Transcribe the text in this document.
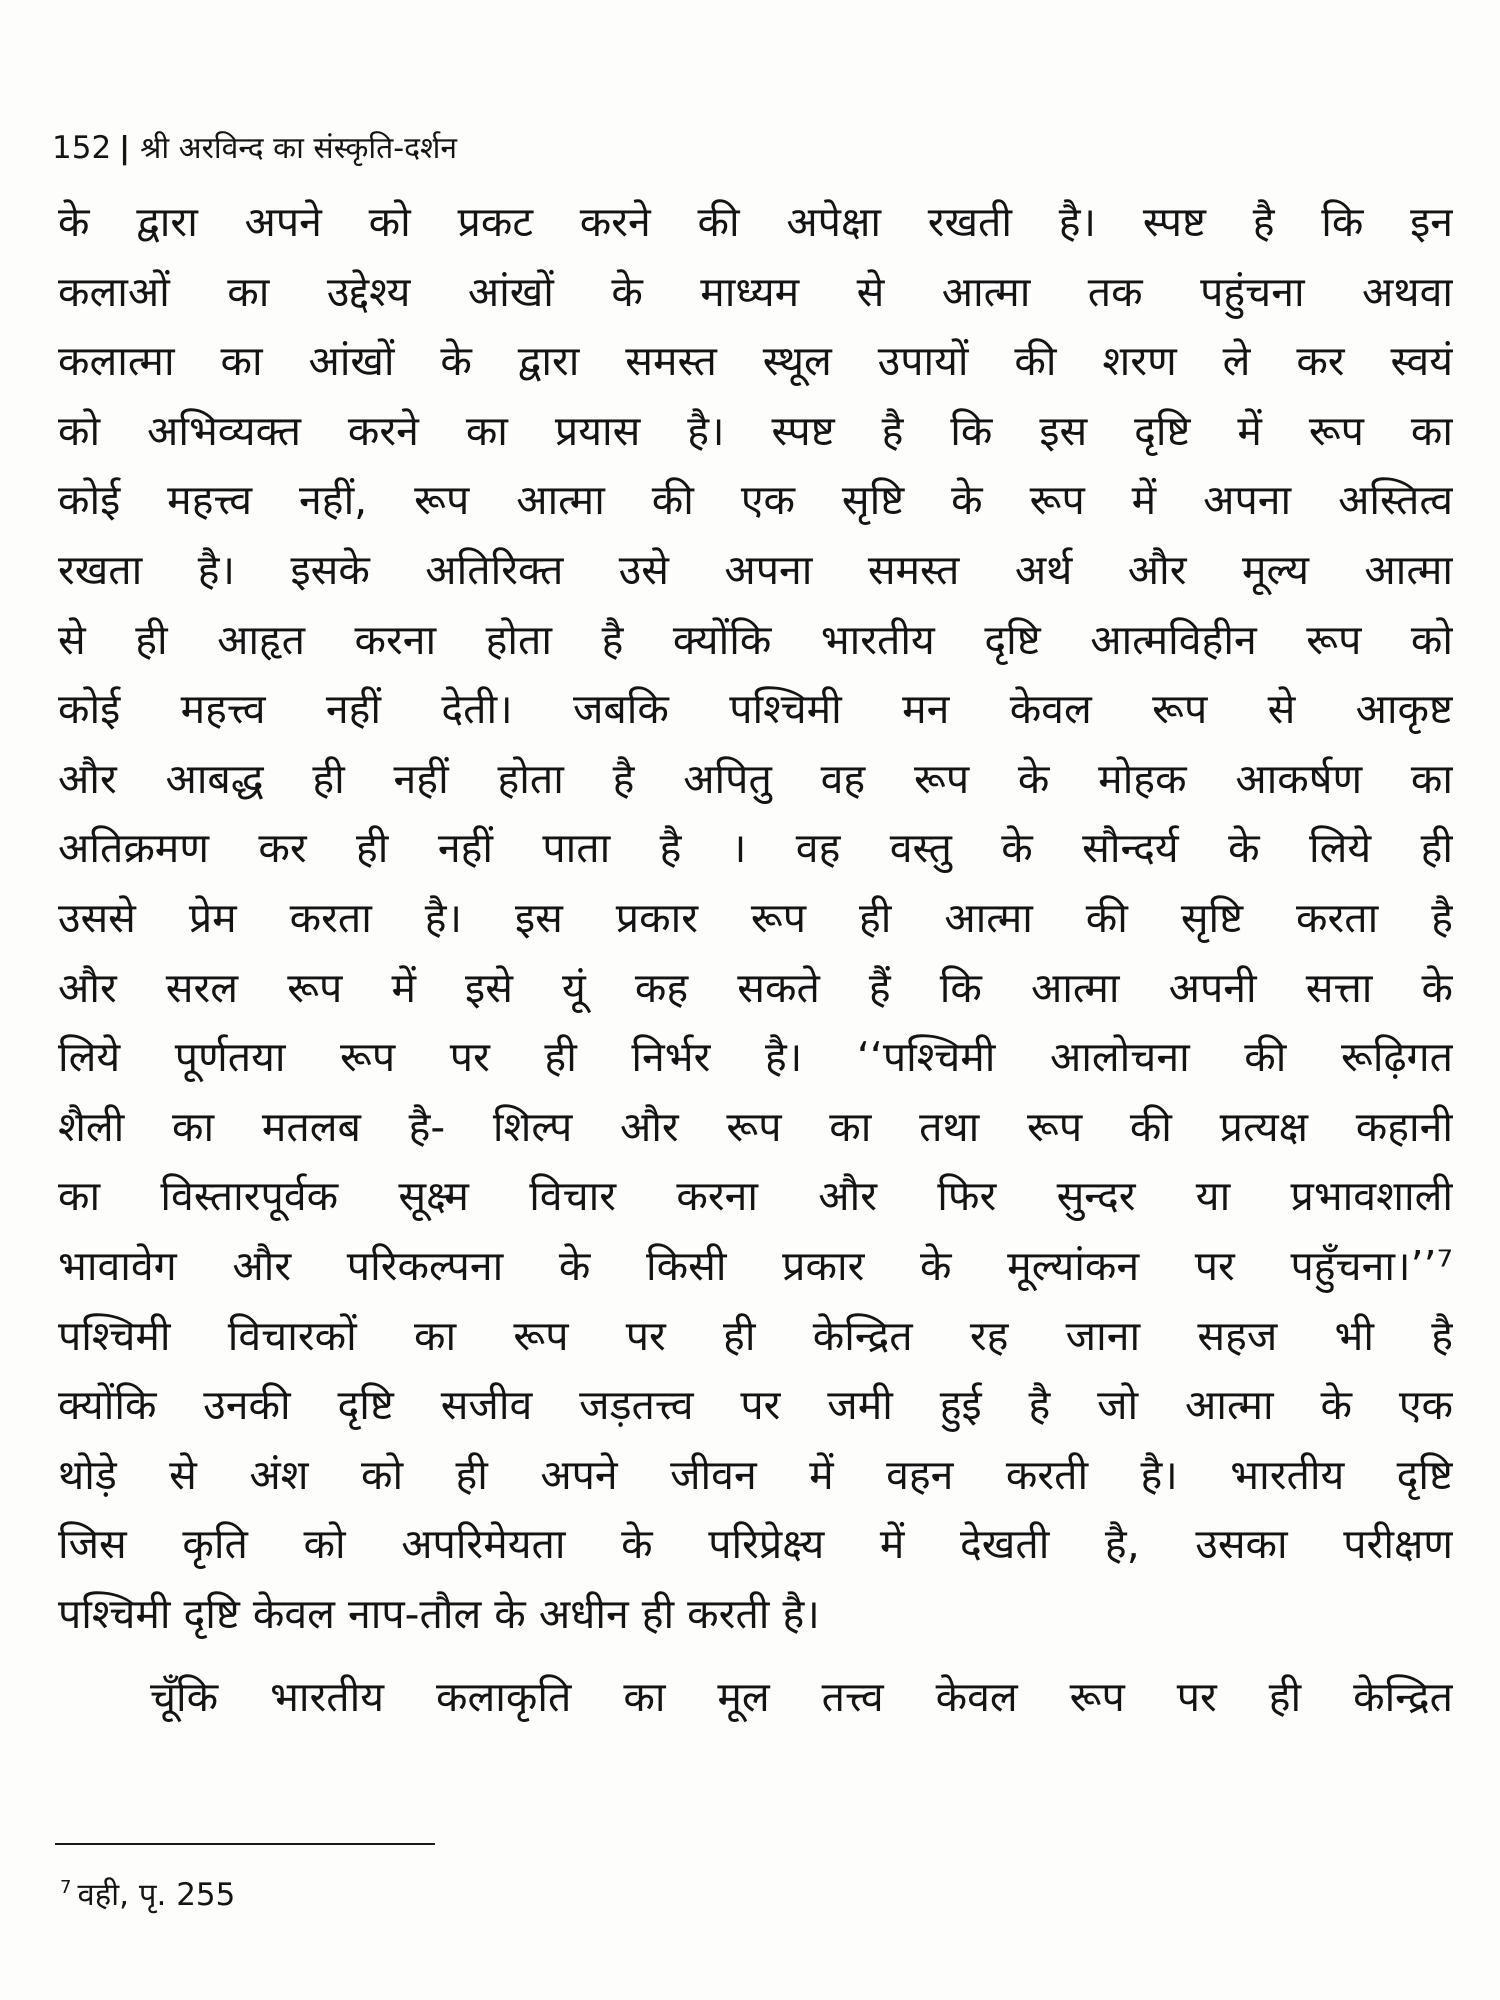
152 | श्री अरविन्द का संस्कृति-दर्शन
के द्वारा अपने को प्रकट करने की अपेक्षा रखती है। स्पष्ट है कि इन
कलाओं का उद्देश्य आंखों के माध्यम से आत्मा तक पहुंचना अथवा
कलात्मा का आंखों के द्वारा समस्त स्थूल उपायों की शरण ले कर स्वयं
को अभिव्यक्त करने का प्रयास है। स्पष्ट है कि इस दृष्टि में रूप का
कोई महत्त्व नहीं, रूप आत्मा की एक सृष्टि के रूप में अपना अस्तित्व
रखता है। इसके अतिरिक्त उसे अपना समस्त अर्थ और मूल्य आत्मा
से ही आहृत करना होता है क्योंकि भारतीय दृष्टि आत्मविहीन रूप को
कोई महत्त्व नहीं देती। जबकि पश्चिमी मन केवल रूप से आकृष्ट
और आबद्ध ही नहीं होता है अपितु वह रूप के मोहक आकर्षण का
अतिक्रमण कर ही नहीं पाता है । वह वस्तु के सौन्दर्य के लिये ही
उससे प्रेम करता है। इस प्रकार रूप ही आत्मा की सृष्टि करता है
और सरल रूप में इसे यूं कह सकते हैं कि आत्मा अपनी सत्ता के
लिये पूर्णतया रूप पर ही निर्भर है। ‘‘पश्चिमी आलोचना की रूढ़िगत
शैली का मतलब है- शिल्प और रूप का तथा रूप की प्रत्यक्ष कहानी
का विस्तारपूर्वक सूक्ष्म विचार करना और फिर सुन्दर या प्रभावशाली
भावावेग और परिकल्पना के किसी प्रकार के मूल्यांकन पर पहुँचना।’’⁷
पश्चिमी विचारकों का रूप पर ही केन्द्रित रह जाना सहज भी है
क्योंकि उनकी दृष्टि सजीव जड़तत्त्व पर जमी हुई है जो आत्मा के एक
थोड़े से अंश को ही अपने जीवन में वहन करती है। भारतीय दृष्टि
जिस कृति को अपरिमेयता के परिप्रेक्ष्य में देखती है, उसका परीक्षण
पश्चिमी दृष्टि केवल नाप-तौल के अधीन ही करती है।
चूँकि भारतीय कलाकृति का मूल तत्त्व केवल रूप पर ही केन्द्रित
$^7$ वही, पृ. 255
